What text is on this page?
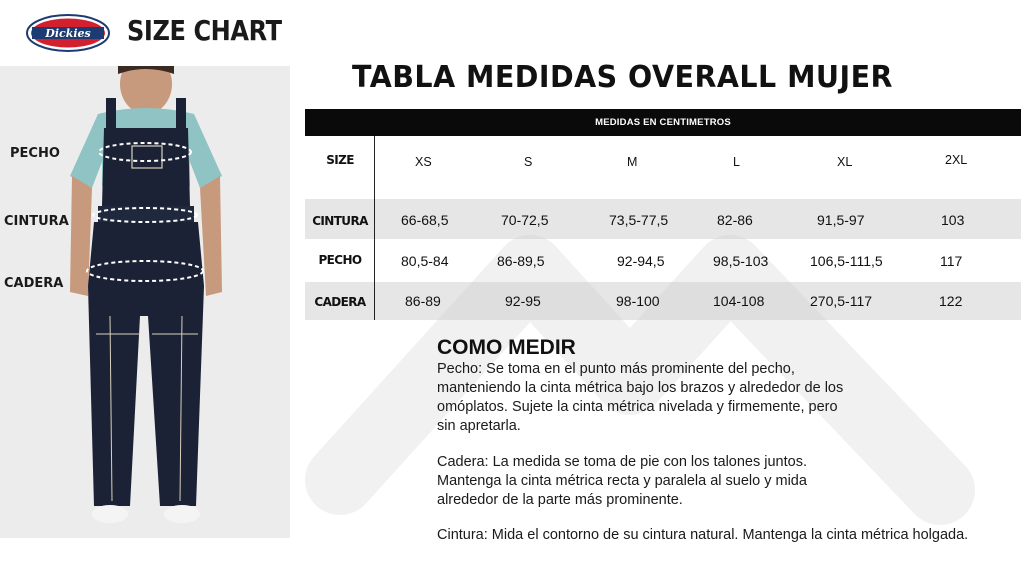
Dickies SIZE CHART
PECHO
CINTURA
CADERA
TABLA MEDIDAS OVERALL MUJER
MEDIDAS EN CENTIMETROS
SIZE	XS	S	M	L	XL	2XL
CINTURA	66-68,5	70-72,5	73,5-77,5	82-86	91,5-97	103
PECHO	80,5-84	86-89,5	92-94,5	98,5-103	106,5-111,5	117
CADERA	86-89	92-95	98-100	104-108	270,5-117	122
COMO MEDIR
Pecho: Se toma en el punto más prominente del pecho, manteniendo la cinta métrica bajo los brazos y alrededor de los omóplatos. Sujete la cinta métrica nivelada y firmemente, pero sin apretarla.
Cadera: La medida se toma de pie con los talones juntos. Mantenga la cinta métrica recta y paralela al suelo y mida alrededor de la parte más prominente.
Cintura: Mida el contorno de su cintura natural. Mantenga la cinta métrica holgada.
